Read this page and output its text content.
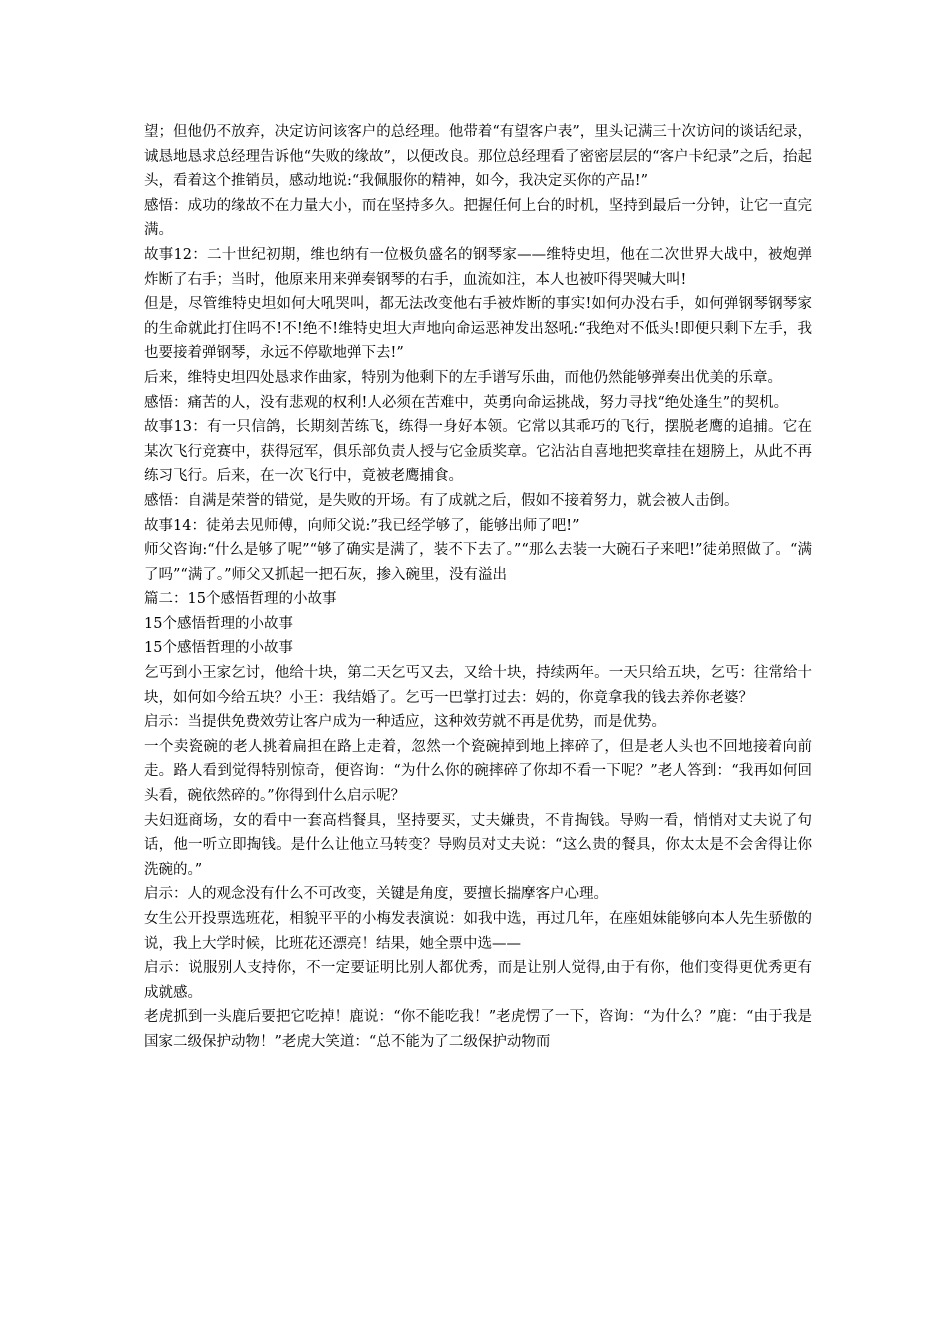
望；但他仍不放弃，决定访问该客户的总经理。他带着“有望客户表”，里头记满三十次访问的谈话纪录，诚恳地恳求总经理告诉他“失败的缘故”，以便改良。那位总经理看了密密层层的“客户卡纪录”之后，抬起头，看着这个推销员，感动地说:“我佩服你的精神，如今，我决定买你的产品!”

感悟：成功的缘故不在力量大小，而在坚持多久。把握任何上台的时机，坚持到最后一分钟，让它一直完满。

故事12：二十世纪初期，维也纳有一位极负盛名的钢琴家——维特史坦，他在二次世界大战中，被炮弹炸断了右手；当时，他原来用来弹奏钢琴的右手，血流如注，本人也被吓得哭喊大叫!

但是，尽管维特史坦如何大吼哭叫，都无法改变他右手被炸断的事实!如何办没右手，如何弹钢琴钢琴家的生命就此打住吗不!不!绝不!维特史坦大声地向命运恶神发出怒吼:“我绝对不低头!即便只剩下左手，我也要接着弹钢琴，永远不停歇地弹下去!”

后来，维特史坦四处恳求作曲家，特别为他剩下的左手谱写乐曲，而他仍然能够弹奏出优美的乐章。

感悟：痛苦的人，没有悲观的权利!人必须在苦难中，英勇向命运挑战，努力寻找“绝处逢生”的契机。

故事13：有一只信鸽，长期刻苦练飞，练得一身好本领。它常以其乖巧的飞行，摆脱老鹰的追捕。它在某次飞行竞赛中，获得冠军，俱乐部负责人授与它金质奖章。它沾沾自喜地把奖章挂在翅膀上，从此不再练习飞行。后来，在一次飞行中，竟被老鹰捕食。

感悟：自满是荣誉的错觉，是失败的开场。有了成就之后，假如不接着努力，就会被人击倒。

故事14：徒弟去见师傅，向师父说:”我已经学够了，能够出师了吧!”

师父咨询:“什么是够了呢”“够了确实是满了，装不下去了。”“那么去装一大碗石子来吧!”徒弟照做了。“满了吗”“满了。”师父又抓起一把石灰，掺入碗里，没有溢出

篇二：15个感悟哲理的小故事

15个感悟哲理的小故事

15个感悟哲理的小故事

乞丐到小王家乞讨，他给十块，第二天乞丐又去，又给十块，持续两年。一天只给五块，乞丐：往常给十块，如何如今给五块？小王：我结婚了。乞丐一巴掌打过去：妈的，你竟拿我的钱去养你老婆？

启示：当提供免费效劳让客户成为一种适应，这种效劳就不再是优势，而是优势。

一个卖瓷碗的老人挑着扁担在路上走着，忽然一个瓷碗掉到地上摔碎了，但是老人头也不回地接着向前走。路人看到觉得特别惊奇，便咨询：“为什么你的碗摔碎了你却不看一下呢？”老人答到：“我再如何回头看，碗依然碎的。”你得到什么启示呢？

夫妇逛商场，女的看中一套高档餐具，坚持要买，丈夫嫌贵，不肯掏钱。导购一看，悄悄对丈夫说了句话，他一听立即掏钱。是什么让他立马转变？导购员对丈夫说：“这么贵的餐具，你太太是不会舍得让你洗碗的。”

启示：人的观念没有什么不可改变，关键是角度，要擅长揣摩客户心理。

女生公开投票选班花，相貌平平的小梅发表演说：如我中选，再过几年，在座姐妹能够向本人先生骄傲的说，我上大学时候，比班花还漂亮！结果，她全票中选——

启示：说服别人支持你，不一定要证明比别人都优秀，而是让别人觉得,由于有你，他们变得更优秀更有成就感。

老虎抓到一头鹿后要把它吃掉！鹿说：“你不能吃我！”老虎愣了一下，咨询：“为什么？”鹿：“由于我是国家二级保护动物！”老虎大笑道：“总不能为了二级保护动物而
